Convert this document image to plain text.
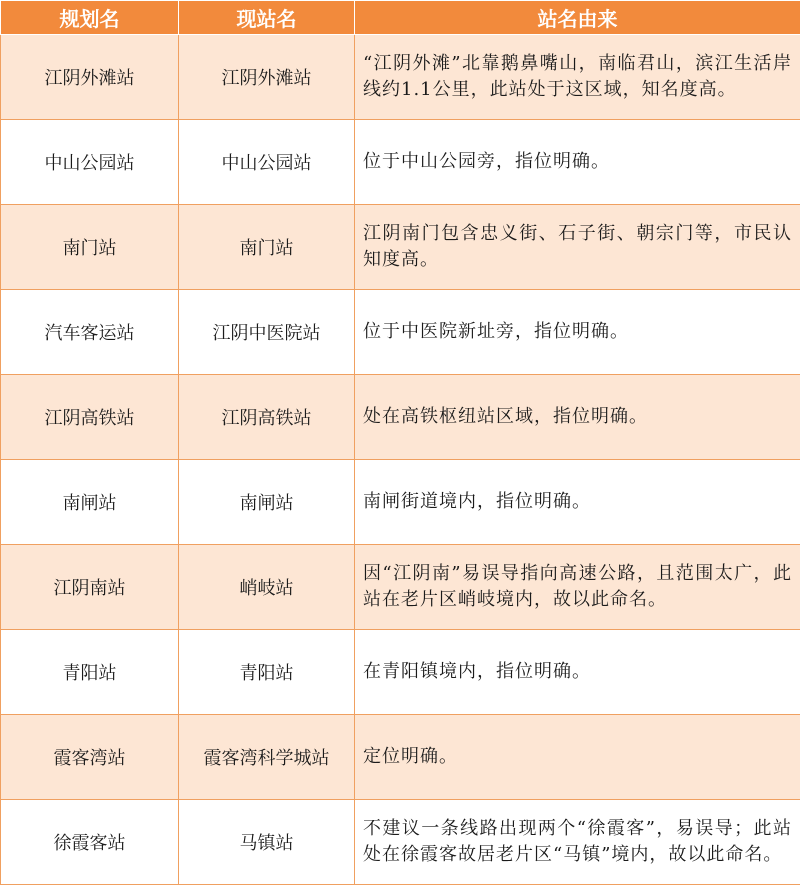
规划名	现站名	站名由来
江阴外滩站	江阴外滩站	“江阴外滩”北靠鹅鼻嘴山，南临君山，滨江生活岸线约1.1公里，此站处于这区域，知名度高。
中山公园站	中山公园站	位于中山公园旁，指位明确。
南门站	南门站	江阴南门包含忠义街、石子街、朝宗门等，市民认知度高。
汽车客运站	江阴中医院站	位于中医院新址旁，指位明确。
江阴高铁站	江阴高铁站	处在高铁枢纽站区域，指位明确。
南闸站	南闸站	南闸街道境内，指位明确。
江阴南站	峭岐站	因“江阴南”易误导指向高速公路，且范围太广，此站在老片区峭岐境内，故以此命名。
青阳站	青阳站	在青阳镇境内，指位明确。
霞客湾站	霞客湾科学城站	定位明确。
徐霞客站	马镇站	不建议一条线路出现两个“徐霞客”，易误导；此站处在徐霞客故居老片区“马镇”境内，故以此命名。
